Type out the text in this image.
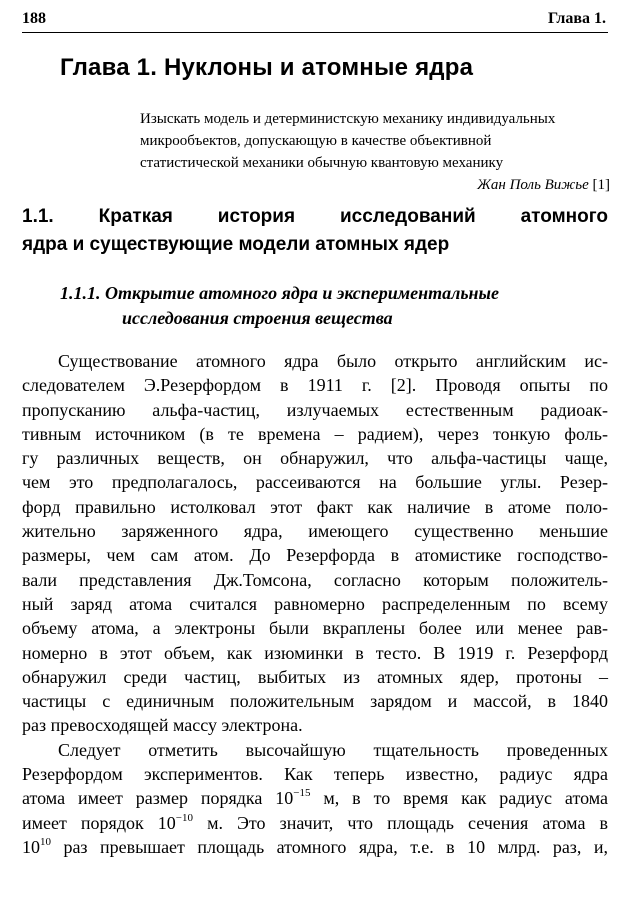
188	Глава 1.
Глава 1. Нуклоны и атомные ядра
Изыскать модель и детерминистскую механику индивидуальных
микрообъектов, допускающую в качестве объективной
статистической механики обычную квантовую механику
Жан Поль Вижье [1]
1.1. Краткая история исследований атомного
ядра и существующие модели атомных ядер
1.1.1. Открытие атомного ядра и экспериментальные
исследования строения вещества

Существование атомного ядра было открыто английским ис-
следователем Э.Резерфордом в 1911 г. [2]. Проводя опыты по
пропусканию альфа-частиц, излучаемых естественным радиоак-
тивным источником (в те времена – радием), через тонкую фоль-
гу различных веществ, он обнаружил, что альфа-частицы чаще,
чем это предполагалось, рассеиваются на большие углы. Резер-
форд правильно истолковал этот факт как наличие в атоме поло-
жительно заряженного ядра, имеющего существенно меньшие
размеры, чем сам атом. До Резерфорда в атомистике господство-
вали представления Дж.Томсона, согласно которым положитель-
ный заряд атома считался равномерно распределенным по всему
объему атома, а электроны были вкраплены более или менее рав-
номерно в этот объем, как изюминки в тесто. В 1919 г. Резерфорд
обнаружил среди частиц, выбитых из атомных ядер, протоны –
частицы с единичным положительным зарядом и массой, в 1840
раз превосходящей массу электрона.

Следует отметить высочайшую тщательность проведенных
Резерфордом экспериментов. Как теперь известно, радиус ядра
атома имеет размер порядка $10^{-15}$ м, в то время как радиус атома
имеет порядок $10^{-10}$ м. Это значит, что площадь сечения атома в
$10^{10}$ раз превышает площадь атомного ядра, т.е. в 10 млрд. раз, и,
